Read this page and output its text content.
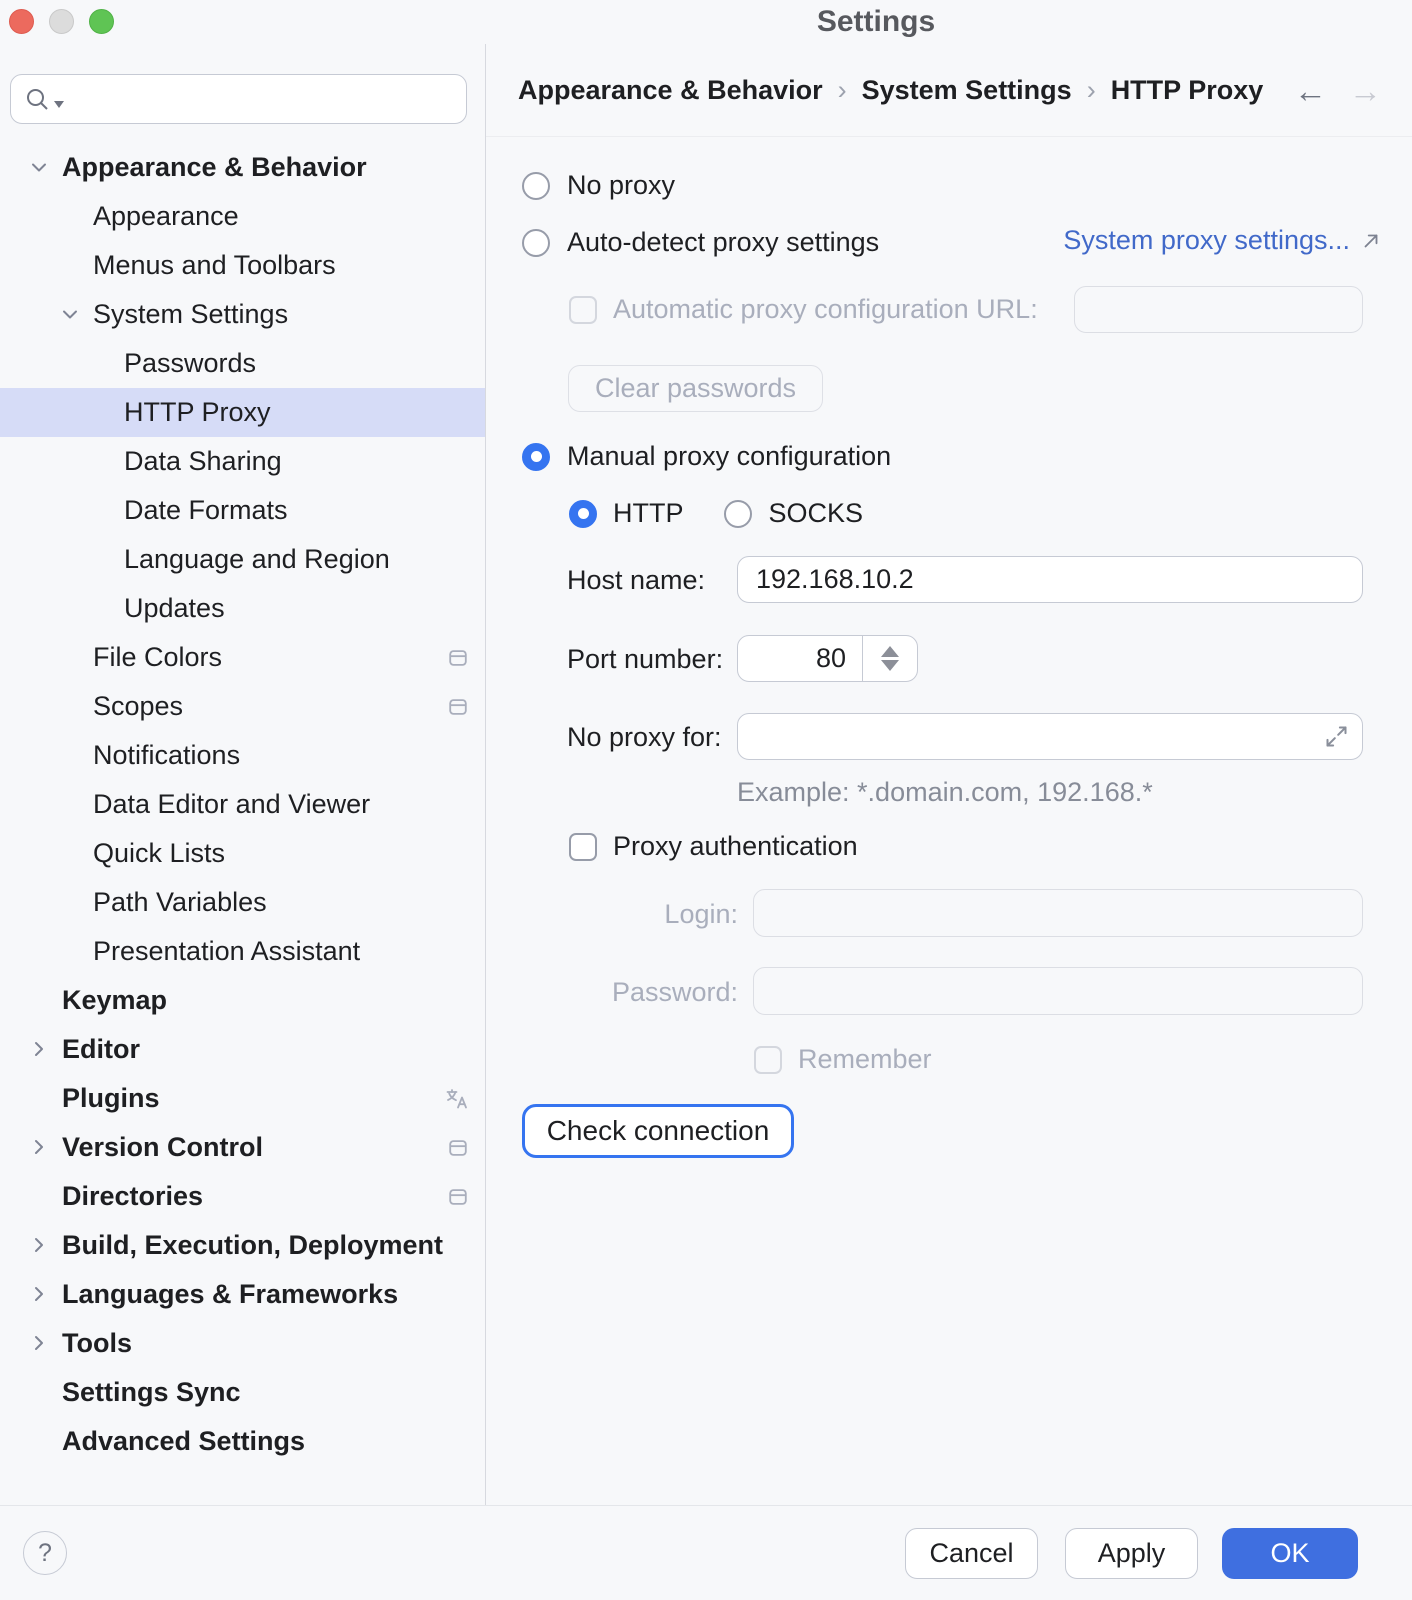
Settings
Appearance & Behavior
Appearance
Menus and Toolbars
System Settings
Passwords
HTTP Proxy
Data Sharing
Date Formats
Language and Region
Updates
File Colors
Scopes
Notifications
Data Editor and Viewer
Quick Lists
Path Variables
Presentation Assistant
Keymap
Editor
Plugins
Version Control
Directories
Build, Execution, Deployment
Languages & Frameworks
Tools
Settings Sync
Advanced Settings
Appearance & Behavior › System Settings › HTTP Proxy ← →
No proxy
Auto-detect proxy settings	System proxy settings...
Automatic proxy configuration URL:
Clear passwords
Manual proxy configuration
HTTP	SOCKS
Host name:
192.168.10.2
Port number:
80
No proxy for:
Example: *.domain.com, 192.168.*
Proxy authentication
Login:
Password:
Remember
Check connection
?	Cancel	Apply	OK
